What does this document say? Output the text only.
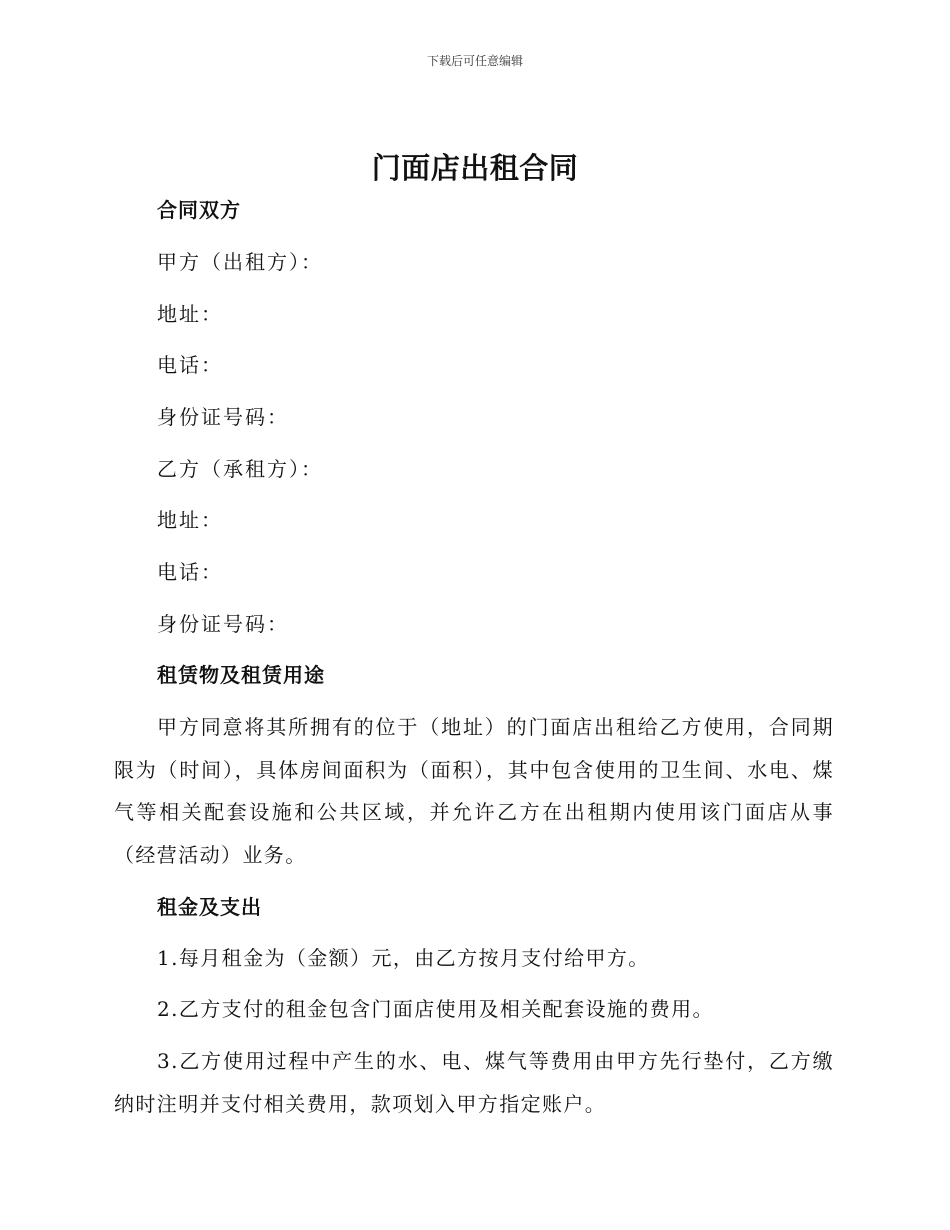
下载后可任意编辑
门面店出租合同
合同双方
甲方（出租方）：
地址：
电话：
身份证号码：
乙方（承租方）：
地址：
电话：
身份证号码：
租赁物及租赁用途
甲方同意将其所拥有的位于（地址）的门面店出租给乙方使用，合同期限为（时间），具体房间面积为（面积），其中包含使用的卫生间、水电、煤气等相关配套设施和公共区域，并允许乙方在出租期内使用该门面店从事（经营活动）业务。
租金及支出
1.每月租金为（金额）元，由乙方按月支付给甲方。
2.乙方支付的租金包含门面店使用及相关配套设施的费用。
3.乙方使用过程中产生的水、电、煤气等费用由甲方先行垫付，乙方缴纳时注明并支付相关费用，款项划入甲方指定账户。
